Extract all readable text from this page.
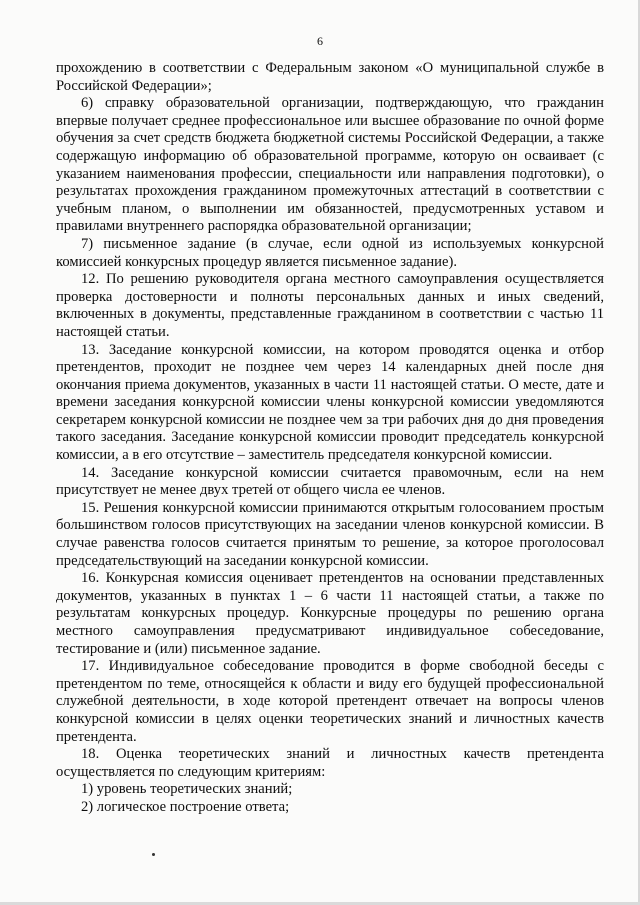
6

прохождению в соответствии с Федеральным законом «О муниципальной службе в Российской Федерации»;

6) справку образовательной организации, подтверждающую, что гражданин впервые получает среднее профессиональное или высшее образование по очной форме обучения за счет средств бюджета бюджетной системы Российской Федерации, а также содержащую информацию об образовательной программе, которую он осваивает (с указанием наименования профессии, специальности или направления подготовки), о результатах прохождения гражданином промежуточных аттестаций в соответствии с учебным планом, о выполнении им обязанностей, предусмотренных уставом и правилами внутреннего распорядка образовательной организации;

7) письменное задание (в случае, если одной из используемых конкурсной комиссией конкурсных процедур является письменное задание).

12. По решению руководителя органа местного самоуправления осуществляется проверка достоверности и полноты персональных данных и иных сведений, включенных в документы, представленные гражданином в соответствии с частью 11 настоящей статьи.

13. Заседание конкурсной комиссии, на котором проводятся оценка и отбор претендентов, проходит не позднее чем через 14 календарных дней после дня окончания приема документов, указанных в части 11 настоящей статьи. О месте, дате и времени заседания конкурсной комиссии члены конкурсной комиссии уведомляются секретарем конкурсной комиссии не позднее чем за три рабочих дня до дня проведения такого заседания. Заседание конкурсной комиссии проводит председатель конкурсной комиссии, а в его отсутствие – заместитель председателя конкурсной комиссии.

14. Заседание конкурсной комиссии считается правомочным, если на нем присутствует не менее двух третей от общего числа ее членов.

15. Решения конкурсной комиссии принимаются открытым голосованием простым большинством голосов присутствующих на заседании членов конкурсной комиссии. В случае равенства голосов считается принятым то решение, за которое проголосовал председательствующий на заседании конкурсной комиссии.

16. Конкурсная комиссия оценивает претендентов на основании представленных документов, указанных в пунктах 1 – 6 части 11 настоящей статьи, а также по результатам конкурсных процедур. Конкурсные процедуры по решению органа местного самоуправления предусматривают индивидуальное собеседование, тестирование и (или) письменное задание.

17. Индивидуальное собеседование проводится в форме свободной беседы с претендентом по теме, относящейся к области и виду его будущей профессиональной служебной деятельности, в ходе которой претендент отвечает на вопросы членов конкурсной комиссии в целях оценки теоретических знаний и личностных качеств претендента.

18. Оценка теоретических знаний и личностных качеств претендента осуществляется по следующим критериям:

1) уровень теоретических знаний;

2) логическое построение ответа;
